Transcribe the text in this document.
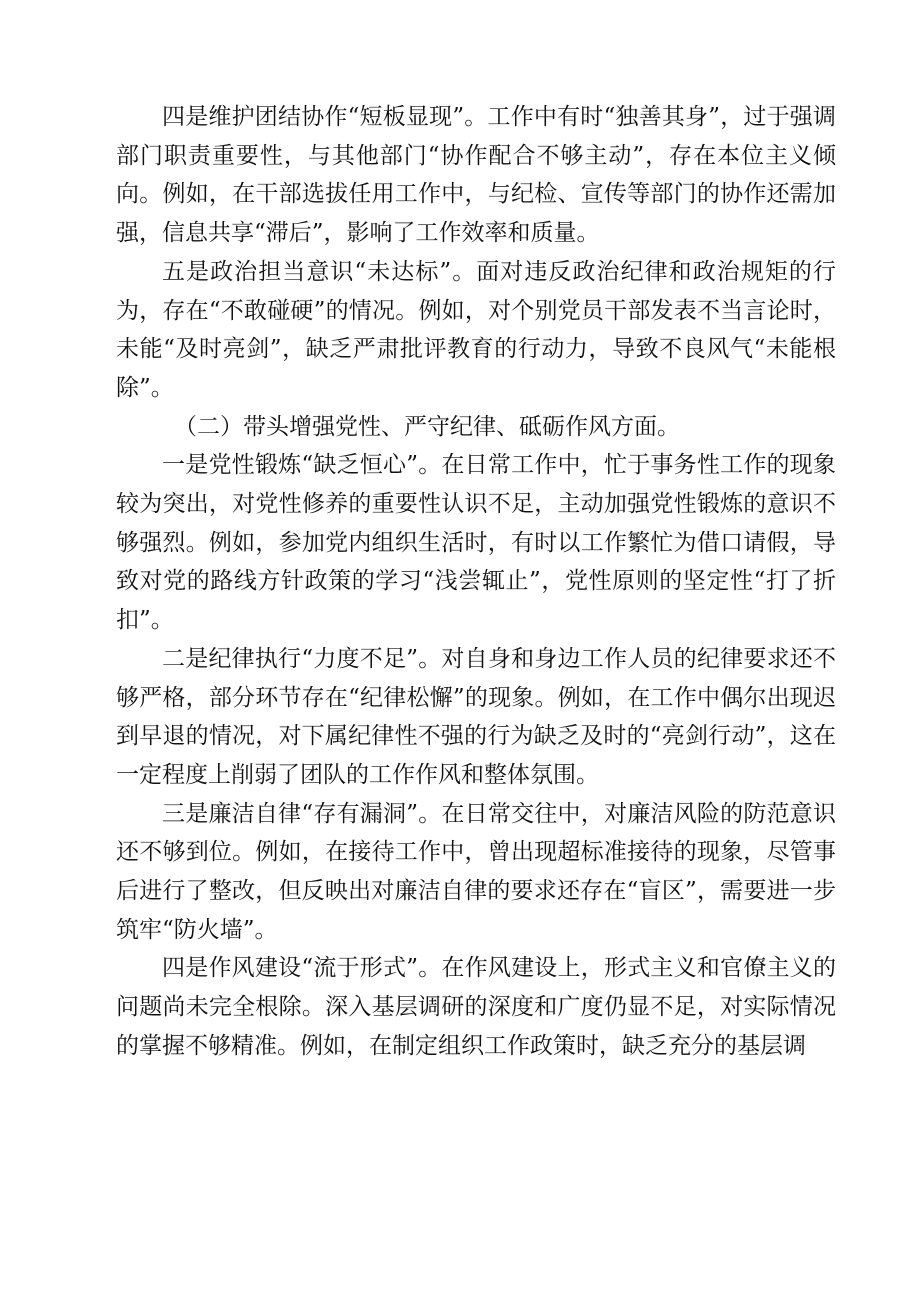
四是维护团结协作“短板显现”。工作中有时“独善其身”，过于强调部门职责重要性，与其他部门“协作配合不够主动”，存在本位主义倾向。例如，在干部选拔任用工作中，与纪检、宣传等部门的协作还需加强，信息共享“滞后”，影响了工作效率和质量。

五是政治担当意识“未达标”。面对违反政治纪律和政治规矩的行为，存在“不敢碰硬”的情况。例如，对个别党员干部发表不当言论时，未能“及时亮剑”，缺乏严肃批评教育的行动力，导致不良风气“未能根除”。

（二）带头增强党性、严守纪律、砥砺作风方面。

一是党性锻炼“缺乏恒心”。在日常工作中，忙于事务性工作的现象较为突出，对党性修养的重要性认识不足，主动加强党性锻炼的意识不够强烈。例如，参加党内组织生活时，有时以工作繁忙为借口请假，导致对党的路线方针政策的学习“浅尝辄止”，党性原则的坚定性“打了折扣”。

二是纪律执行“力度不足”。对自身和身边工作人员的纪律要求还不够严格，部分环节存在“纪律松懈”的现象。例如，在工作中偶尔出现迟到早退的情况，对下属纪律性不强的行为缺乏及时的“亮剑行动”，这在一定程度上削弱了团队的工作作风和整体氛围。

三是廉洁自律“存有漏洞”。在日常交往中，对廉洁风险的防范意识还不够到位。例如，在接待工作中，曾出现超标准接待的现象，尽管事后进行了整改，但反映出对廉洁自律的要求还存在“盲区”，需要进一步筑牢“防火墙”。

四是作风建设“流于形式”。在作风建设上，形式主义和官僚主义的问题尚未完全根除。深入基层调研的深度和广度仍显不足，对实际情况的掌握不够精准。例如，在制定组织工作政策时，缺乏充分的基层调
